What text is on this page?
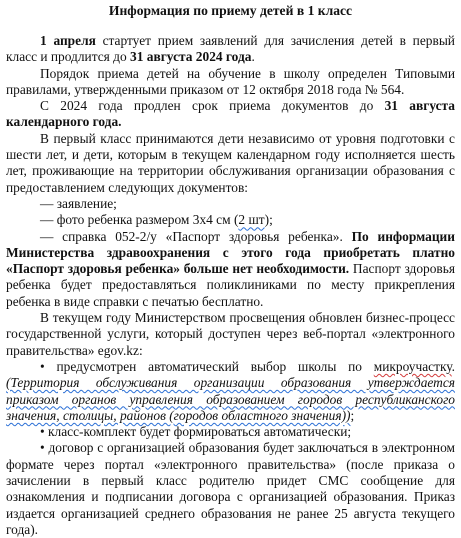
Информация по приему детей в 1 класс

1 апреля стартует прием заявлений для зачисления детей в первый класс и продлится до 31 августа 2024 года.

Порядок приема детей на обучение в школу определен Типовыми правилами, утвержденными приказом от 12 октября 2018 года № 564.

С 2024 года продлен срок приема документов до 31 августа календарного года.

В первый класс принимаются дети независимо от уровня подготовки с шести лет, и дети, которым в текущем календарном году исполняется шесть лет, проживающие на территории обслуживания организации образования с предоставлением следующих документов:

— заявление;

— фото ребенка размером 3х4 см (2 шт);

— справка 052-2/у «Паспорт здоровья ребенка». По информации Министерства здравоохранения с этого года приобретать платно «Паспорт здоровья ребенка» больше нет необходимости. Паспорт здоровья ребенка будет предоставляться поликлиниками по месту прикрепления ребенка в виде справки с печатью бесплатно.

В текущем году Министерством просвещения обновлен бизнес-процесс государственной услуги, который доступен через веб-портал «электронного правительства» egov.kz:

• предусмотрен автоматический выбор школы по микроучастку. (Территория обслуживания организации образования утверждается приказом органов управления образованием городов республиканского значения, столицы, районов (городов областного значения));

• класс-комплект будет формироваться автоматически;

• договор с организацией образования будет заключаться в электронном формате через портал «электронного правительства» (после приказа о зачислении в первый класс родителю придет СМС сообщение для ознакомления и подписании договора с организацией образования. Приказ издается организацией среднего образования не ранее 25 августа текущего года).
